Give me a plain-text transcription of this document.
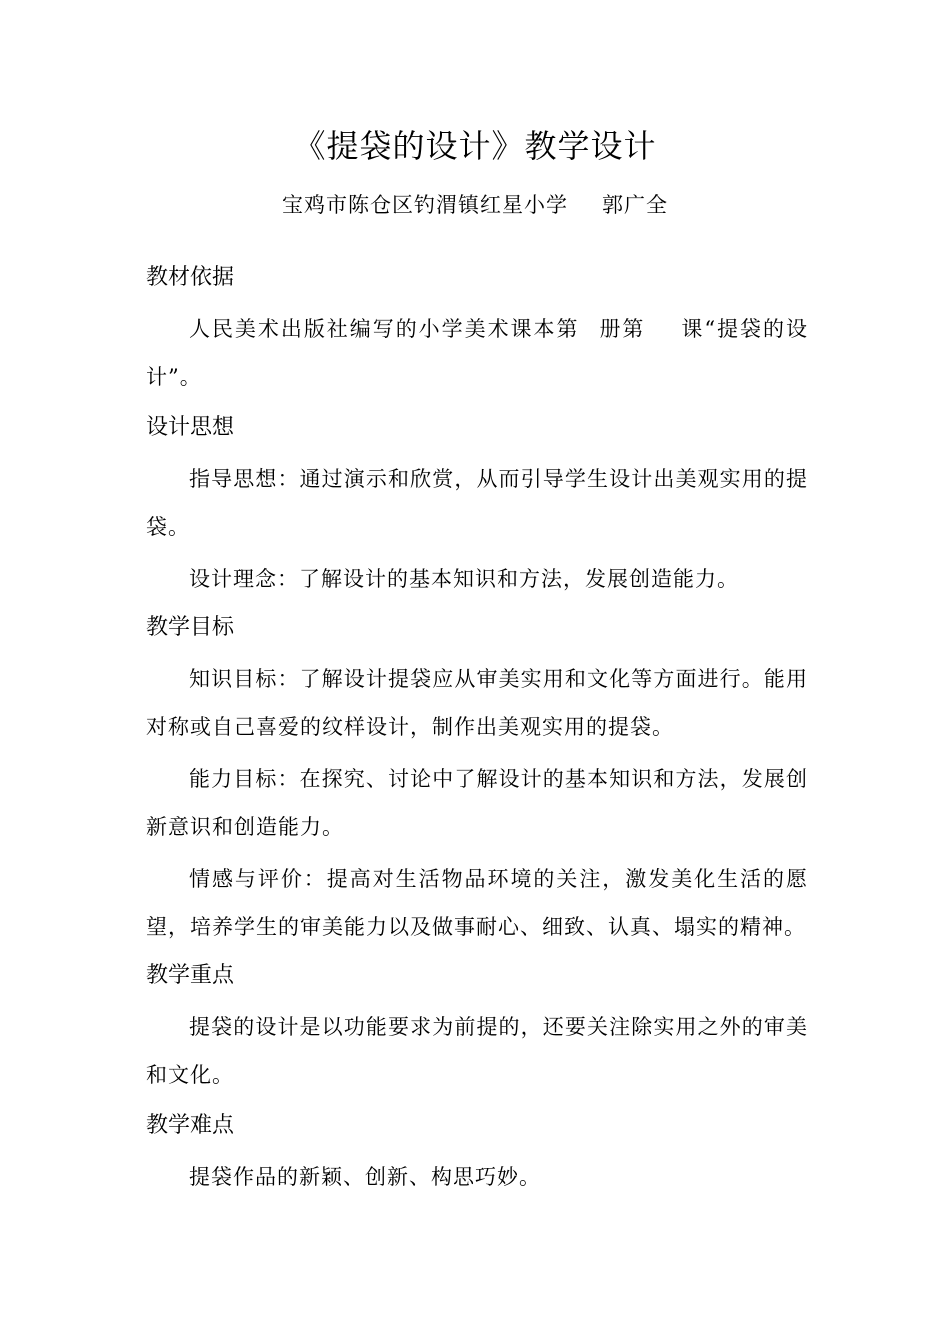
《提袋的设计》教学设计
宝鸡市陈仓区钓渭镇红星小学 郭广全
教材依据
人民美术出版社编写的小学美术课本第 册第 课“提袋的设计”。
设计思想
指导思想：通过演示和欣赏，从而引导学生设计出美观实用的提袋。
设计理念：了解设计的基本知识和方法，发展创造能力。
教学目标
知识目标：了解设计提袋应从审美实用和文化等方面进行。能用对称或自己喜爱的纹样设计，制作出美观实用的提袋。
能力目标：在探究、讨论中了解设计的基本知识和方法，发展创新意识和创造能力。
情感与评价：提高对生活物品环境的关注，激发美化生活的愿望，培养学生的审美能力以及做事耐心、细致、认真、塌实的精神。
教学重点
提袋的设计是以功能要求为前提的，还要关注除实用之外的审美和文化。
教学难点
提袋作品的新颖、创新、构思巧妙。
